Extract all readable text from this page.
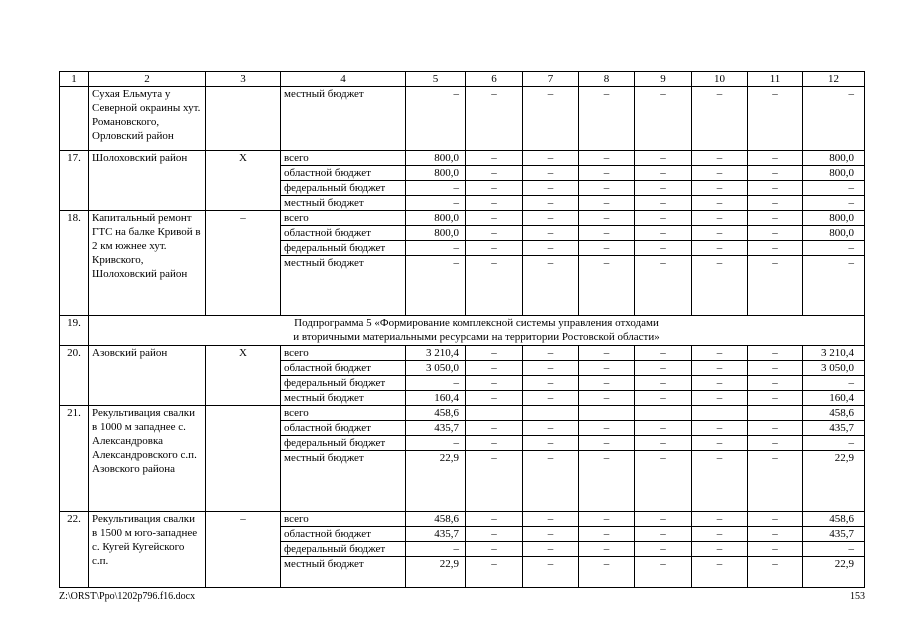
1	2	3	4	5	6	7	8	9	10	11	12
	Сухая Ельмута у Северной окраины хут. Романовского, Орловский район		местный бюджет	–	–	–	–	–	–	–	–
17.	Шолоховский район	Х	всего	800,0	–	–	–	–	–	–	800,0
			областной бюджет	800,0	–	–	–	–	–	–	800,0
			федеральный бюджет	–	–	–	–	–	–	–	–
			местный бюджет	–	–	–	–	–	–	–	–
18.	Капитальный ремонт ГТС на балке Кривой в 2 км южнее хут. Кривского, Шолоховский район	–	всего	800,0	–	–	–	–	–	–	800,0
			областной бюджет	800,0	–	–	–	–	–	–	800,0
			федеральный бюджет	–	–	–	–	–	–	–	–
			местный бюджет	–	–	–	–	–	–	–	–
19.	Подпрограмма 5 «Формирование комплексной системы управления отходами
и вторичными материальными ресурсами на территории Ростовской области»										

20.	Азовский район	Х	всего	3 210,4	–	–	–	–	–	–	3 210,4
			областной бюджет	3 050,0	–	–	–	–	–	–	3 050,0
			федеральный бюджет	–	–	–	–	–	–	–	–
			местный бюджет	160,4	–	–	–	–	–	–	160,4
21.	Рекультивация свалки в 1000 м западнее с. Александровка Александровского с.п. Азовского района		всего	458,6							458,6
			областной бюджет	435,7	–	–	–	–	–	–	435,7
			федеральный бюджет	–	–	–	–	–	–	–	–
			местный бюджет	22,9	–	–	–	–	–	–	22,9
22.	Рекультивация свалки в 1500 м юго-западнее с. Кугей Кугейского с.п.	–	всего	458,6	–	–	–	–	–	–	458,6
			областной бюджет	435,7	–	–	–	–	–	–	435,7
			федеральный бюджет	–	–	–	–	–	–	–	–
			местный бюджет	22,9	–	–	–	–	–	–	22,9
Z:\ORST\Ppo\1202p796.f16.docx	153
